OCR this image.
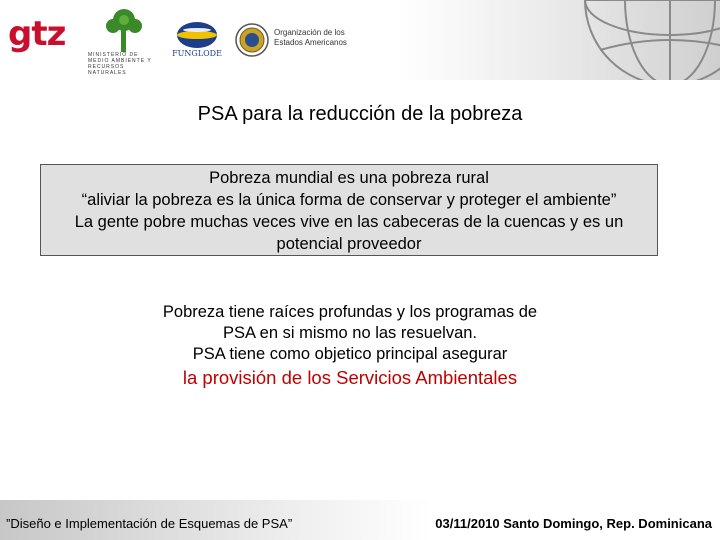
gtz
MINISTERIO DE MEDIO AMBIENTE Y RECURSOS NATURALES
FUNGLODE
Organización de los
Estados Americanos
PSA para la reducción de la pobreza
Pobreza mundial es una pobreza rural
“aliviar la pobreza es la única forma de conservar y proteger el ambiente”
La gente pobre muchas veces vive en las cabeceras de la cuencas y es un
potencial proveedor
Pobreza tiene raíces profundas y los programas de
PSA en si mismo no las resuelvan.
PSA tiene como objetico principal asegurar
la provisión de los Servicios Ambientales
”Diseño e Implementación de Esquemas de PSA”	03/11/2010 Santo Domingo, Rep. Dominicana
